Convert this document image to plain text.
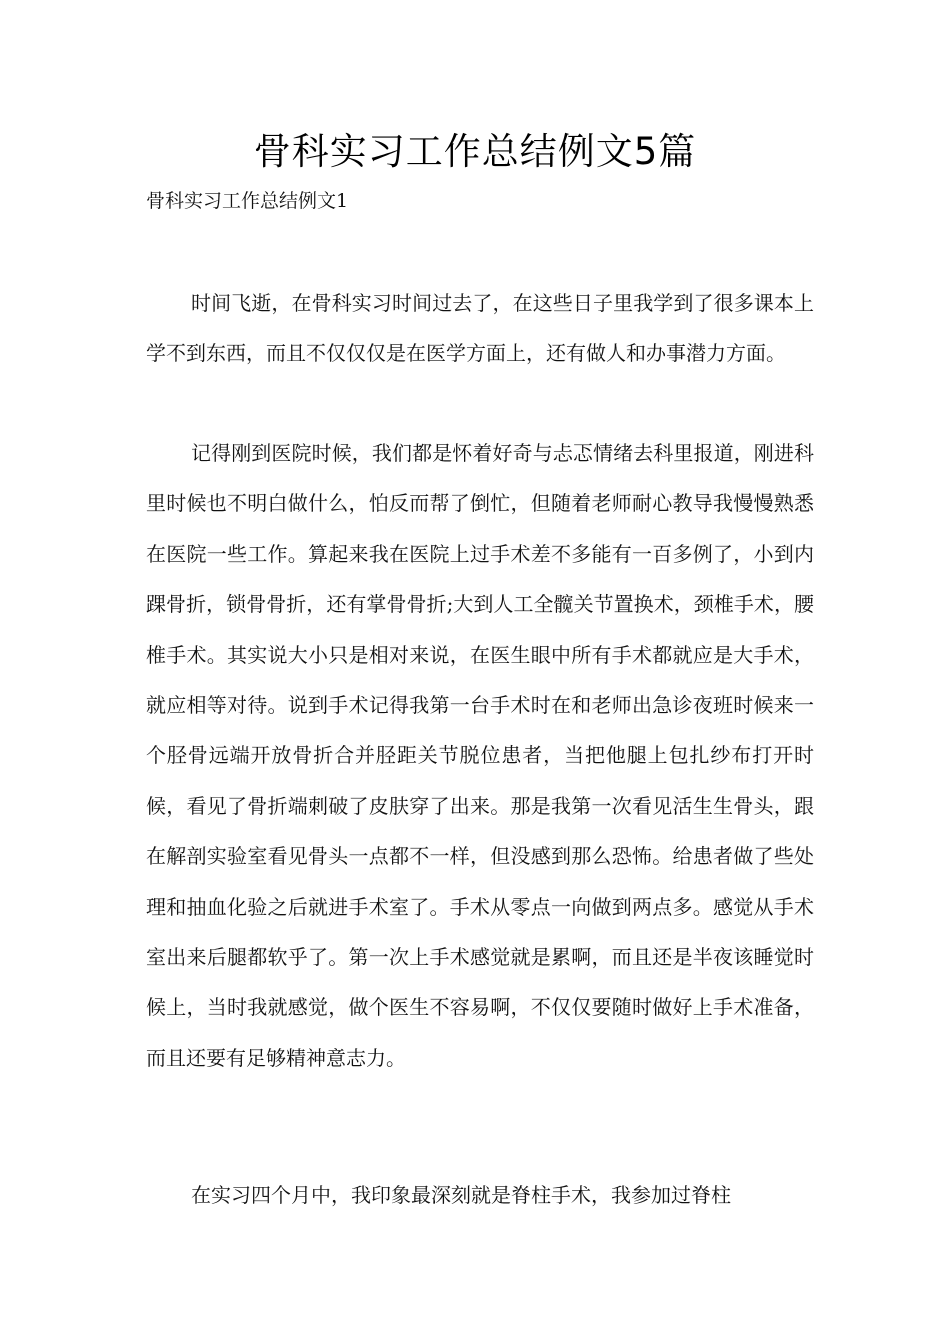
骨科实习工作总结例文5篇

骨科实习工作总结例文1

时间飞逝，在骨科实习时间过去了，在这些日子里我学到了很多课本上学不到东西，而且不仅仅仅是在医学方面上，还有做人和办事潜力方面。

记得刚到医院时候，我们都是怀着好奇与忐忑情绪去科里报道，刚进科里时候也不明白做什么，怕反而帮了倒忙，但随着老师耐心教导我慢慢熟悉在医院一些工作。算起来我在医院上过手术差不多能有一百多例了，小到内踝骨折，锁骨骨折，还有掌骨骨折;大到人工全髋关节置换术，颈椎手术，腰椎手术。其实说大小只是相对来说，在医生眼中所有手术都就应是大手术，就应相等对待。说到手术记得我第一台手术时在和老师出急诊夜班时候来一个胫骨远端开放骨折合并胫距关节脱位患者，当把他腿上包扎纱布打开时候，看见了骨折端刺破了皮肤穿了出来。那是我第一次看见活生生骨头，跟在解剖实验室看见骨头一点都不一样，但没感到那么恐怖。给患者做了些处理和抽血化验之后就进手术室了。手术从零点一向做到两点多。感觉从手术室出来后腿都软乎了。第一次上手术感觉就是累啊，而且还是半夜该睡觉时候上，当时我就感觉，做个医生不容易啊，不仅仅要随时做好上手术准备，而且还要有足够精神意志力。

在实习四个月中，我印象最深刻就是脊柱手术，我参加过脊柱
